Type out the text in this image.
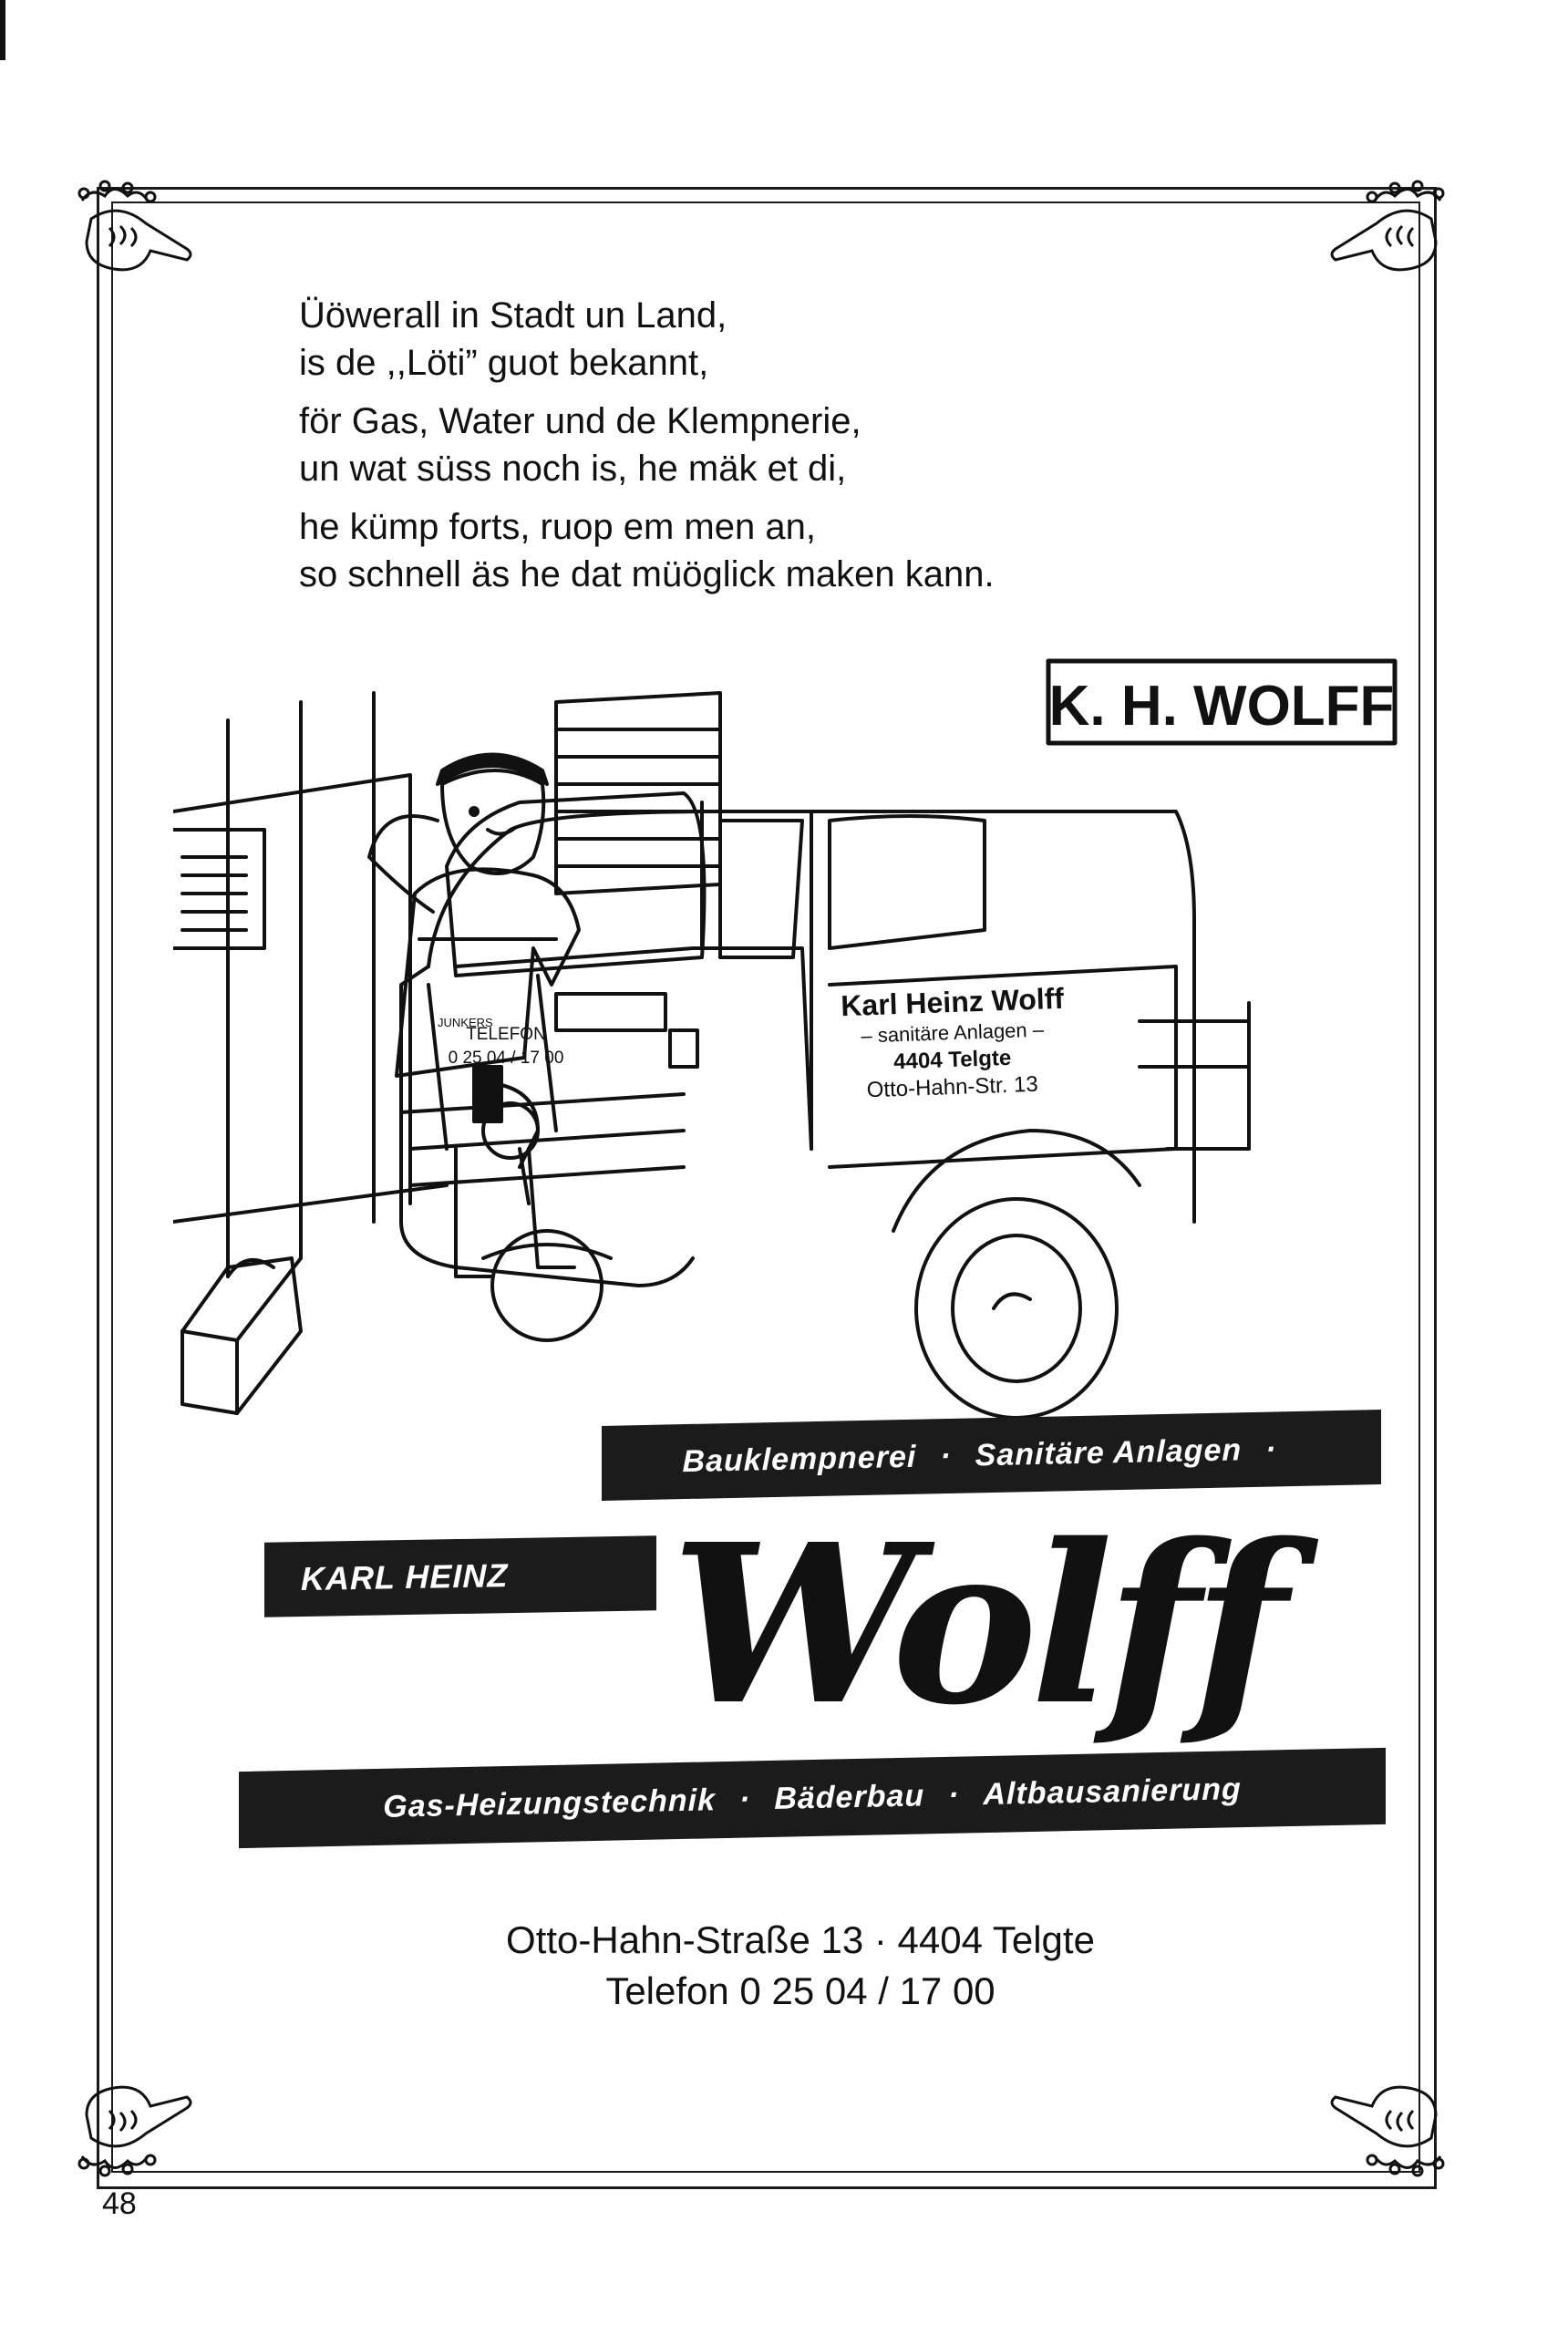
Üöwerall in Stadt un Land,
is de ,,Löti” guot bekannt,
för Gas, Water und de Klempnerie,
un wat süss noch is, he mäk et di,
he kümp forts, ruop em men an,
so schnell äs he dat müöglick maken kann.
K. H. WOLFF
JUNKERS
TELEFON
0 25 04 / 17 00
Karl Heinz Wolff
– sanitäre Anlagen –
4404 Telgte
Otto-Hahn-Str. 13
Bauklempnerei · Sanitäre Anlagen ·
KARL HEINZ Wolff
Gas-Heizungstechnik · Bäderbau · Altbausanierung
Otto-Hahn-Straße 13 · 4404 Telgte
Telefon 0 25 04 / 17 00
48
